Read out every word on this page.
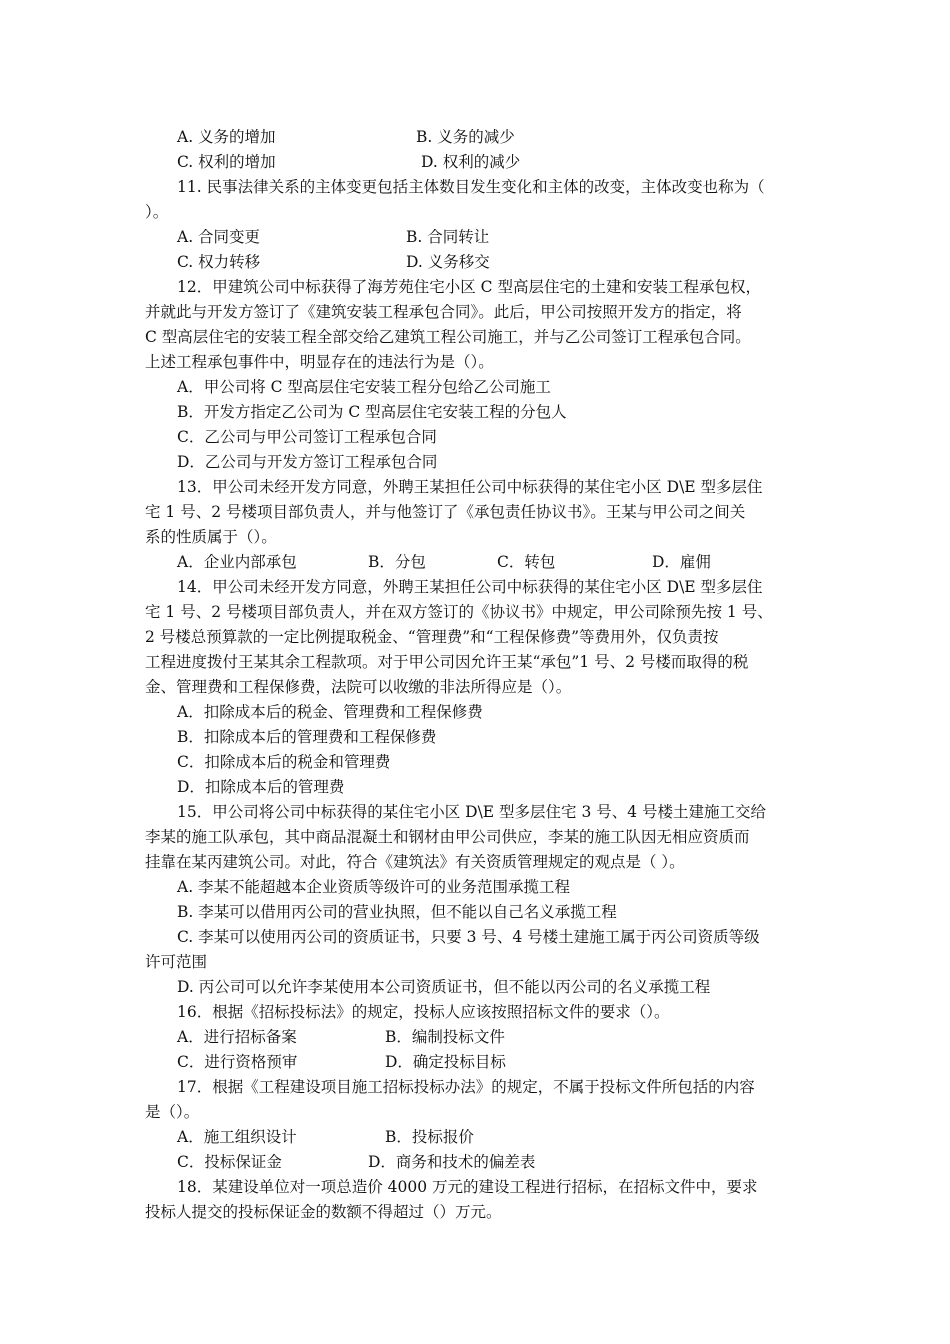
A. 义务的增加	B. 义务的减少
C. 权利的增加	D. 权利的减少
11. 民事法律关系的主体变更包括主体数目发生变化和主体的改变，主体改变也称为（
）。
A. 合同变更	B. 合同转让
C. 权力转移	D. 义务移交
12．甲建筑公司中标获得了海芳苑住宅小区 C 型高层住宅的土建和安装工程承包权，
并就此与开发方签订了《建筑安装工程承包合同》。此后，甲公司按照开发方的指定，将
C 型高层住宅的安装工程全部交给乙建筑工程公司施工，并与乙公司签订工程承包合同。
上述工程承包事件中，明显存在的违法行为是（）。
A．甲公司将 C 型高层住宅安装工程分包给乙公司施工
B．开发方指定乙公司为 C 型高层住宅安装工程的分包人
C．乙公司与甲公司签订工程承包合同
D．乙公司与开发方签订工程承包合同
13．甲公司未经开发方同意，外聘王某担任公司中标获得的某住宅小区 D\E 型多层住
宅 1 号、2 号楼项目部负责人，并与他签订了《承包责任协议书》。王某与甲公司之间关
系的性质属于（）。
A．企业内部承包	B．分包	C．转包	D．雇佣
14．甲公司未经开发方同意，外聘王某担任公司中标获得的某住宅小区 D\E 型多层住
宅 1 号、2 号楼项目部负责人，并在双方签订的《协议书》中规定，甲公司除预先按 1 号、
2 号楼总预算款的一定比例提取税金、“管理费”和“工程保修费”等费用外，仅负责按
工程进度拨付王某其余工程款项。对于甲公司因允许王某“承包”1 号、2 号楼而取得的税
金、管理费和工程保修费，法院可以收缴的非法所得应是（）。
A．扣除成本后的税金、管理费和工程保修费
B．扣除成本后的管理费和工程保修费
C．扣除成本后的税金和管理费
D．扣除成本后的管理费
15．甲公司将公司中标获得的某住宅小区 D\E 型多层住宅 3 号、4 号楼土建施工交给
李某的施工队承包，其中商品混凝土和钢材由甲公司供应，李某的施工队因无相应资质而
挂靠在某丙建筑公司。对此，符合《建筑法》有关资质管理规定的观点是（ ）。
A. 李某不能超越本企业资质等级许可的业务范围承揽工程
B. 李某可以借用丙公司的营业执照，但不能以自己名义承揽工程
C. 李某可以使用丙公司的资质证书，只要 3 号、4 号楼土建施工属于丙公司资质等级
许可范围
D. 丙公司可以允许李某使用本公司资质证书，但不能以丙公司的名义承揽工程
16．根据《招标投标法》的规定，投标人应该按照招标文件的要求（）。
A．进行招标备案	B．编制投标文件
C．进行资格预审	D．确定投标目标
17．根据《工程建设项目施工招标投标办法》的规定，不属于投标文件所包括的内容
是（）。
A．施工组织设计	B．投标报价
C．投标保证金	D．商务和技术的偏差表
18．某建设单位对一项总造价 4000 万元的建设工程进行招标，在招标文件中，要求
投标人提交的投标保证金的数额不得超过（）万元。
